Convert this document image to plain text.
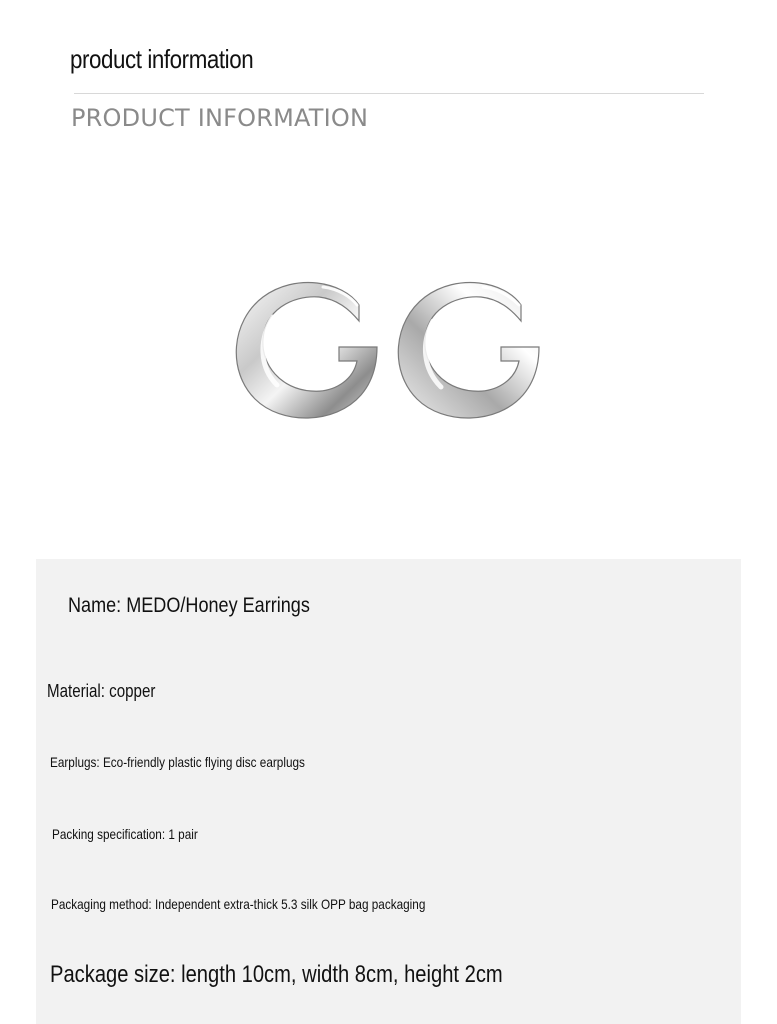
product information
PRODUCT INFORMATION
Name: MEDO/Honey Earrings
Material: copper
Earplugs: Eco-friendly plastic flying disc earplugs
Packing specification: 1 pair
Packaging method: Independent extra-thick 5.3 silk OPP bag packaging
Package size: length 10cm, width 8cm, height 2cm
